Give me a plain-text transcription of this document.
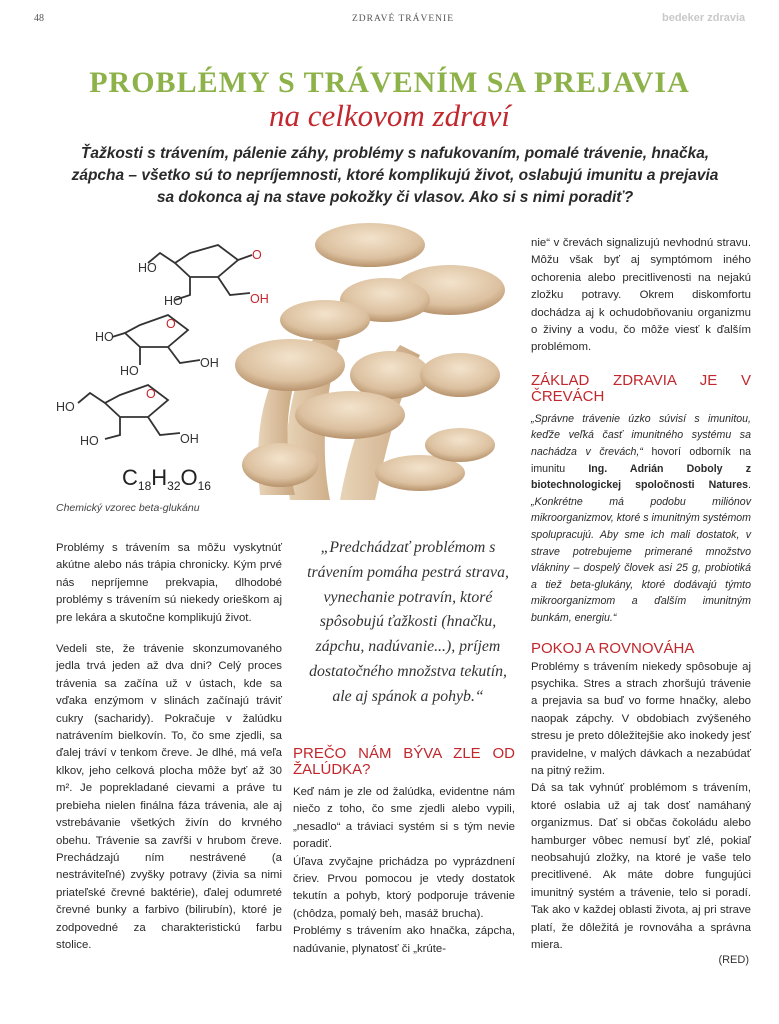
48	ZDRAVÉ TRÁVENIE	bedeker zdravia
PROBLÉMY S TRÁVENÍM SA PREJAVIA
na celkovom zdraví
Ťažkosti s trávením, pálenie záhy, problémy s nafukovaním, pomalé trávenie, hnačka, zápcha – všetko sú to nepríjemnosti, ktoré komplikujú život, oslabujú imunitu a prejavia sa dokonca aj na stave pokožky či vlasov. Ako si s nimi poradiť?
HO
O
HO	OH
HO
O
HO
OH
HO
O
HO	OH
$C_{18}H_{32}O_{16}$
Chemický vzorec beta-glukánu

Problémy s trávením sa môžu vyskytnúť akútne alebo nás trápia chronicky. Kým prvé nás nepríjemne prekvapia, dlhodobé problémy s trávením sú niekedy orieškom aj pre lekára a skutočne komplikujú život.

Vedeli ste, že trávenie skonzumovaného jedla trvá jeden až dva dni? Celý proces trávenia sa začína už v ústach, kde sa vďaka enzýmom v slinách začínajú tráviť cukry (sacharidy). Pokračuje v žalúdku natrávením bielkovín. To, čo sme zjedli, sa ďalej tráví v tenkom čreve. Je dlhé, má veľa klkov, jeho celková plocha môže byť až 30 m². Je poprekladané cievami a práve tu prebieha nielen finálna fáza trávenia, ale aj vstrebávanie všetkých živín do krvného obehu. Trávenie sa zavŕši v hrubom čreve. Prechádzajú ním nestrávené (a nestráviteľné) zvyšky potravy (živia sa nimi priateľské črevné baktérie), ďalej odumreté črevné bunky a farbivo (bilirubín), ktoré je zodpovedné za charakteristickú farbu stolice.

„Predchádzať problémom s trávením pomáha pestrá strava, vynechanie potravín, ktoré spôsobujú ťažkosti (hnačku, zápchu, nadúvanie...), príjem dostatočného množstva tekutín, ale aj spánok a pohyb.“
PREČO NÁM BÝVA ZLE OD ŽALÚDKA?

Keď nám je zle od žalúdka, evidentne nám niečo z toho, čo sme zjedli alebo vypili, „nesadlo“ a tráviaci systém si s tým nevie poradiť.

Úľava zvyčajne prichádza po vyprázdnení čriev. Prvou pomocou je vtedy dostatok tekutín a pohyb, ktorý podporuje trávenie (chôdza, pomalý beh, masáž brucha).

Problémy s trávením ako hnačka, zápcha, nadúvanie, plynatosť či „krúte-

nie“ v črevách signalizujú nevhodnú stravu. Môžu však byť aj symptómom iného ochorenia alebo precitlivenosti na nejakú zložku potravy. Okrem diskomfortu dochádza aj k ochudobňovaniu organizmu o živiny a vodu, čo môže viesť k ďalším problémom.

ZÁKLAD ZDRAVIA JE V ČREVÁCH

„Správne trávenie úzko súvisí s imunitou, keďže veľká časť imunitného systému sa nachádza v črevách,“ hovorí odborník na imunitu Ing. Adrián Doboly z biotechnologickej spoločnosti Natures. „Konkrétne má podobu miliónov mikroorganizmov, ktoré s imunitným systémom spolupracujú. Aby sme ich mali dostatok, v strave potrebujeme primerané množstvo vlákniny – dospelý človek asi 25 g, probiotiká a tiež beta-glukány, ktoré dodávajú týmto mikroorganizmom a ďalším imunitným bunkám, energiu.“

POKOJ A ROVNOVÁHA

Problémy s trávením niekedy spôsobuje aj psychika. Stres a strach zhoršujú trávenie a prejavia sa buď vo forme hnačky, alebo naopak zápchy. V obdobiach zvýšeného stresu je preto dôležitejšie ako inokedy jesť pravidelne, v malých dávkach a nezabúdať na pitný režim.

Dá sa tak vyhnúť problémom s trávením, ktoré oslabia už aj tak dosť namáhaný organizmus. Dať si občas čokoládu alebo hamburger vôbec nemusí byť zlé, pokiaľ neobsahujú zložky, na ktoré je vaše telo precitlivené. Ak máte dobre fungujúci imunitný systém a trávenie, telo si poradí. Tak ako v každej oblasti života, aj pri strave platí, že dôležitá je rovnováha a správna miera.

(RED)
